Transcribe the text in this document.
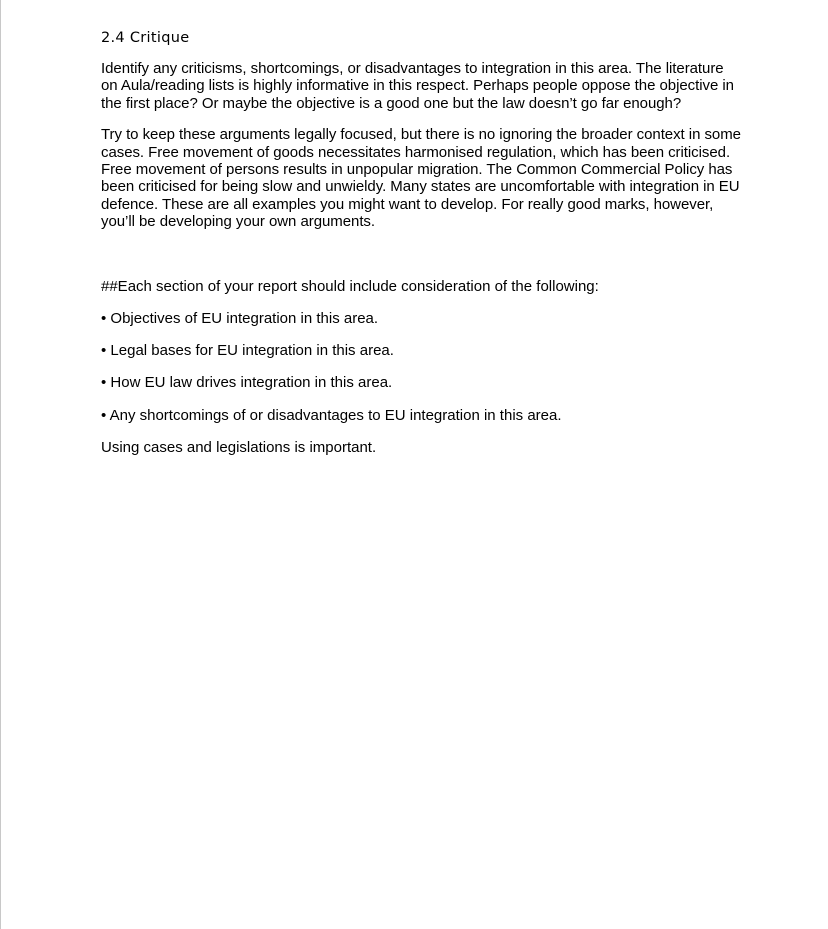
2.4 Critique

Identify any criticisms, shortcomings, or disadvantages to integration in this area. The literature on Aula/reading lists is highly informative in this respect. Perhaps people oppose the objective in the first place? Or maybe the objective is a good one but the law doesn’t go far enough?

Try to keep these arguments legally focused, but there is no ignoring the broader context in some cases. Free movement of goods necessitates harmonised regulation, which has been criticised. Free movement of persons results in unpopular migration. The Common Commercial Policy has been criticised for being slow and unwieldy. Many states are uncomfortable with integration in EU defence. These are all examples you might want to develop. For really good marks, however, you’ll be developing your own arguments.

##Each section of your report should include consideration of the following:

• Objectives of EU integration in this area.
• Legal bases for EU integration in this area.
• How EU law drives integration in this area.
• Any shortcomings of or disadvantages to EU integration in this area.

Using cases and legislations is important.
